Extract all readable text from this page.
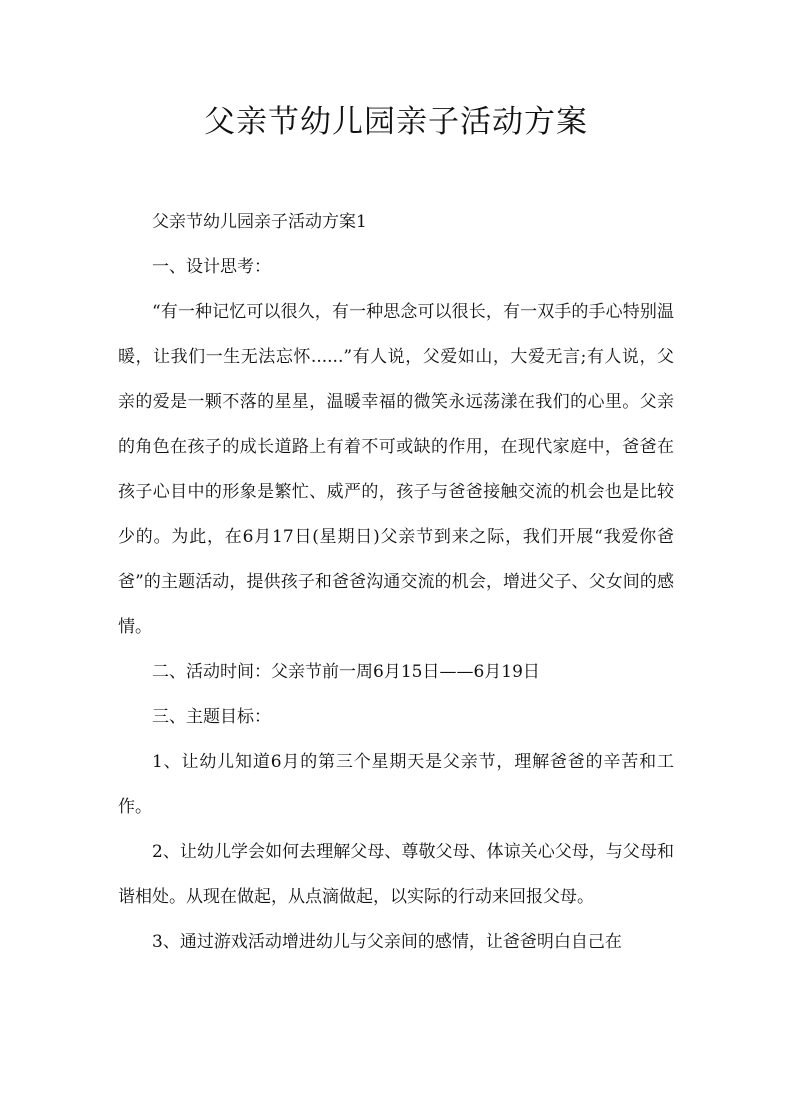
父亲节幼儿园亲子活动方案

父亲节幼儿园亲子活动方案1

一、设计思考：

“有一种记忆可以很久，有一种思念可以很长，有一双手的手心特别温暖，让我们一生无法忘怀......”有人说，父爱如山，大爱无言;有人说，父亲的爱是一颗不落的星星，温暖幸福的微笑永远荡漾在我们的心里。父亲的角色在孩子的成长道路上有着不可或缺的作用，在现代家庭中，爸爸在孩子心目中的形象是繁忙、威严的，孩子与爸爸接触交流的机会也是比较少的。为此，在6月17日(星期日)父亲节到来之际，我们开展“我爱你爸爸”的主题活动，提供孩子和爸爸沟通交流的机会，增进父子、父女间的感情。

二、活动时间：父亲节前一周6月15日——6月19日

三、主题目标：

1、让幼儿知道6月的第三个星期天是父亲节，理解爸爸的辛苦和工作。

2、让幼儿学会如何去理解父母、尊敬父母、体谅关心父母，与父母和谐相处。从现在做起，从点滴做起，以实际的行动来回报父母。

3、通过游戏活动增进幼儿与父亲间的感情，让爸爸明白自己在
